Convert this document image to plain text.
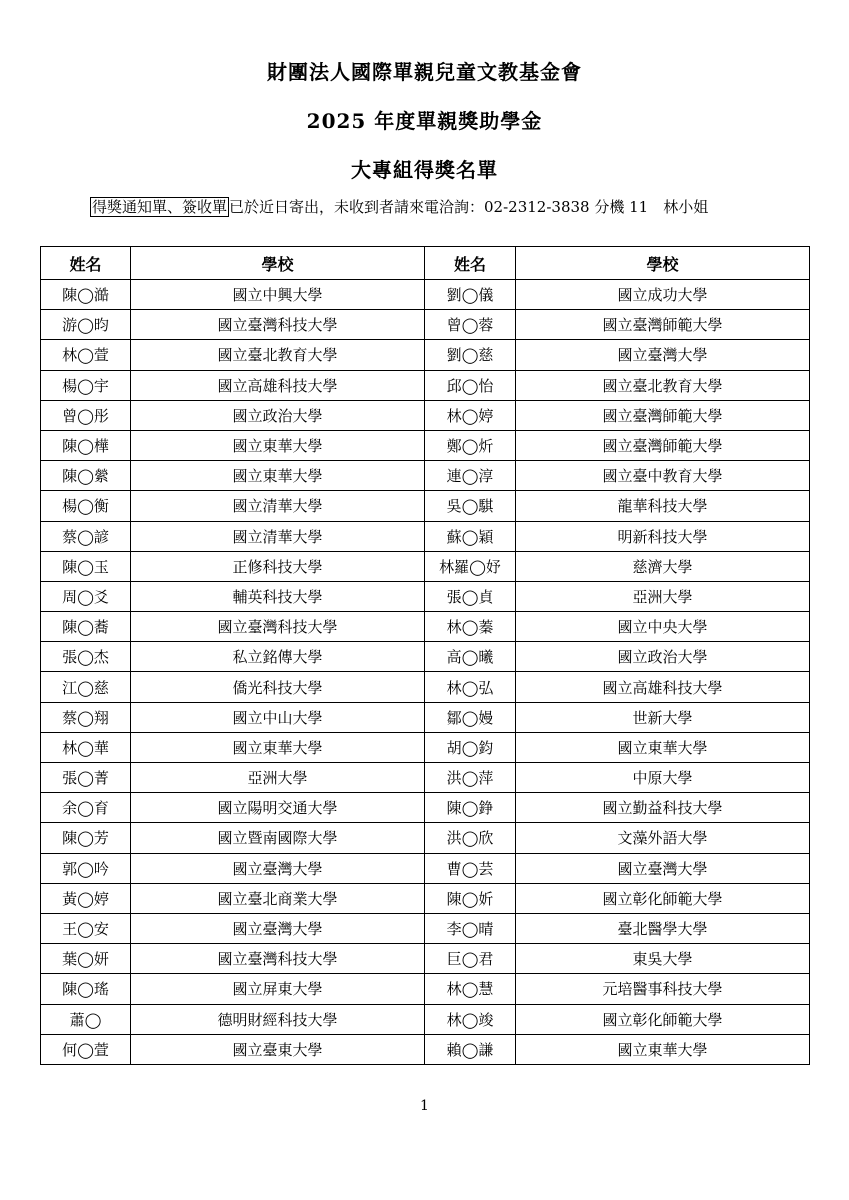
財團法人國際單親兒童文教基金會
2025 年度單親獎助學金
大專組得獎名單
得獎通知單、簽收單 已於近日寄出，未收到者請來電洽詢：02-2312-3838 分機 11　林小姐
姓名	學校	姓名	學校
陳◯澔	國立中興大學	劉◯儀	國立成功大學
游◯昀	國立臺灣科技大學	曾◯蓉	國立臺灣師範大學
林◯萱	國立臺北教育大學	劉◯慈	國立臺灣大學
楊◯宇	國立高雄科技大學	邱◯怡	國立臺北教育大學
曾◯彤	國立政治大學	林◯婷	國立臺灣師範大學
陳◯樺	國立東華大學	鄭◯炘	國立臺灣師範大學
陳◯縈	國立東華大學	連◯淳	國立臺中教育大學
楊◯衡	國立清華大學	吳◯騏	龍華科技大學
蔡◯諺	國立清華大學	蘇◯穎	明新科技大學
陳◯玉	正修科技大學	林羅◯妤	慈濟大學
周◯爻	輔英科技大學	張◯貞	亞洲大學
陳◯蕎	國立臺灣科技大學	林◯蓁	國立中央大學
張◯杰	私立銘傳大學	高◯曦	國立政治大學
江◯慈	僑光科技大學	林◯弘	國立高雄科技大學
蔡◯翔	國立中山大學	鄒◯嫚	世新大學
林◯華	國立東華大學	胡◯鈞	國立東華大學
張◯菁	亞洲大學	洪◯萍	中原大學
余◯育	國立陽明交通大學	陳◯錚	國立勤益科技大學
陳◯芳	國立暨南國際大學	洪◯欣	文藻外語大學
郭◯吟	國立臺灣大學	曹◯芸	國立臺灣大學
黃◯婷	國立臺北商業大學	陳◯妡	國立彰化師範大學
王◯安	國立臺灣大學	李◯晴	臺北醫學大學
葉◯妍	國立臺灣科技大學	巨◯君	東吳大學
陳◯瑤	國立屏東大學	林◯慧	元培醫事科技大學
蕭◯	德明財經科技大學	林◯竣	國立彰化師範大學
何◯萱	國立臺東大學	賴◯謙	國立東華大學
1
